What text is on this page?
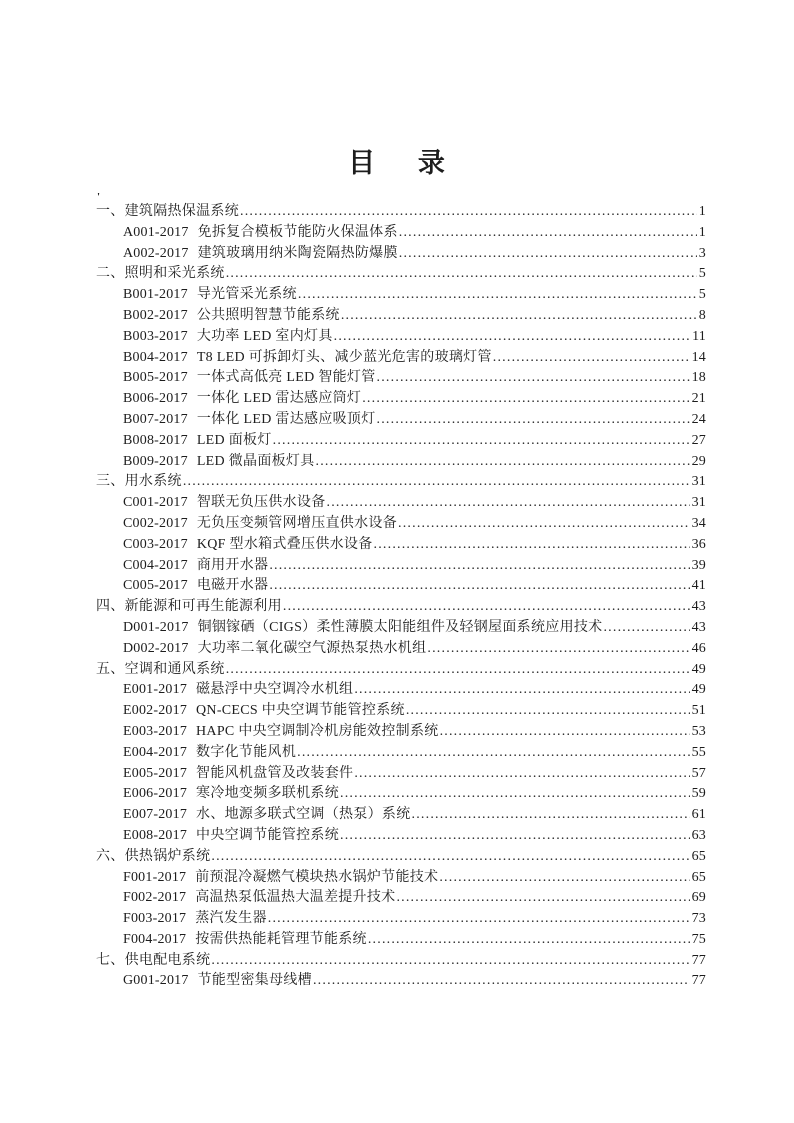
目 录
'
一、建筑隔热保温系统 .....	1
A001-2017 免拆复合模板节能防火保温体系 .....	1
A002-2017 建筑玻璃用纳米陶瓷隔热防爆膜 .....	3
二、照明和采光系统 .....	5
B001-2017 导光管采光系统 .....	5
B002-2017 公共照明智慧节能系统 .....	8
B003-2017 大功率 LED 室内灯具 .....	11
B004-2017 T8 LED 可拆卸灯头、减少蓝光危害的玻璃灯管 .....	14
B005-2017 一体式高低亮 LED 智能灯管 .....	18
B006-2017 一体化 LED 雷达感应筒灯 .....	21
B007-2017 一体化 LED 雷达感应吸顶灯 .....	24
B008-2017 LED 面板灯 .....	27
B009-2017 LED 微晶面板灯具 .....	29
三、用水系统 .....	31
C001-2017 智联无负压供水设备 .....	31
C002-2017 无负压变频管网增压直供水设备 .....	34
C003-2017 KQF 型水箱式叠压供水设备 .....	36
C004-2017 商用开水器 .....	39
C005-2017 电磁开水器 .....	41
四、新能源和可再生能源利用 .....	43
D001-2017 铜铟镓硒（CIGS）柔性薄膜太阳能组件及轻钢屋面系统应用技术 .....	43
D002-2017 大功率二氧化碳空气源热泵热水机组 .....	46
五、空调和通风系统 .....	49
E001-2017 磁悬浮中央空调冷水机组 .....	49
E002-2017 QN-CECS 中央空调节能管控系统 .....	51
E003-2017 HAPC 中央空调制冷机房能效控制系统 .....	53
E004-2017 数字化节能风机 .....	55
E005-2017 智能风机盘管及改装套件 .....	57
E006-2017 寒冷地变频多联机系统 .....	59
E007-2017 水、地源多联式空调（热泵）系统 .....	61
E008-2017 中央空调节能管控系统 .....	63
六、供热锅炉系统 .....	65
F001-2017 前预混冷凝燃气模块热水锅炉节能技术 .....	65
F002-2017 高温热泵低温热大温差提升技术 .....	69
F003-2017 蒸汽发生器 .....	73
F004-2017 按需供热能耗管理节能系统 .....	75
七、供电配电系统 .....	77
G001-2017 节能型密集母线槽 .....	77
